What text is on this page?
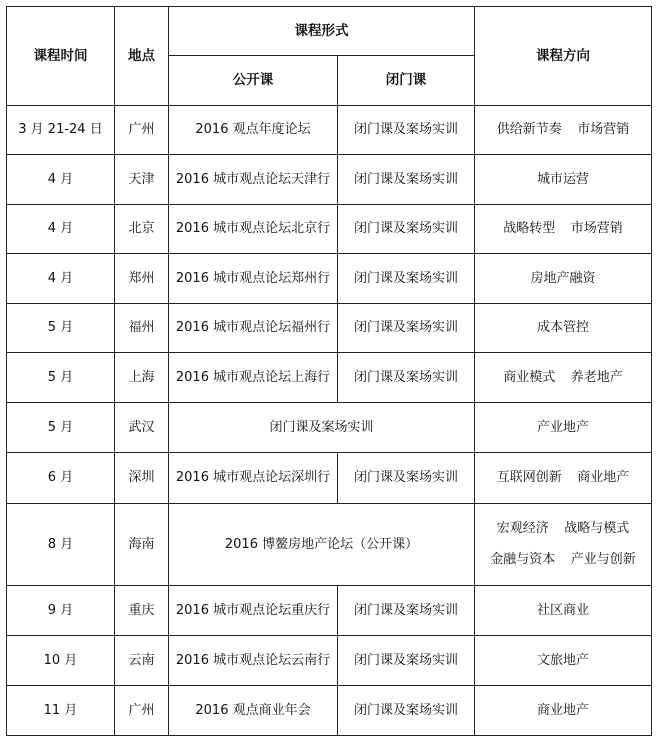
课程时间	地点	课程形式		课程方向
		公开课	闭门课	
3 月 21-24 日	广州	2016 观点年度论坛	闭门课及案场实训	供给新节奏 市场营销
4 月	天津	2016 城市观点论坛天津行	闭门课及案场实训	城市运营
4 月	北京	2016 城市观点论坛北京行	闭门课及案场实训	战略转型 市场营销
4 月	郑州	2016 城市观点论坛郑州行	闭门课及案场实训	房地产融资
5 月	福州	2016 城市观点论坛福州行	闭门课及案场实训	成本管控
5 月	上海	2016 城市观点论坛上海行	闭门课及案场实训	商业模式 养老地产
5 月	武汉	闭门课及案场实训		产业地产
6 月	深圳	2016 城市观点论坛深圳行	闭门课及案场实训	互联网创新 商业地产
8 月	海南	2016 博鳌房地产论坛（公开课）		宏观经济 战略与模式
金融与资本 产业与创新

9 月	重庆	2016 城市观点论坛重庆行	闭门课及案场实训	社区商业
10 月	云南	2016 城市观点论坛云南行	闭门课及案场实训	文旅地产
11 月	广州	2016 观点商业年会	闭门课及案场实训	商业地产
